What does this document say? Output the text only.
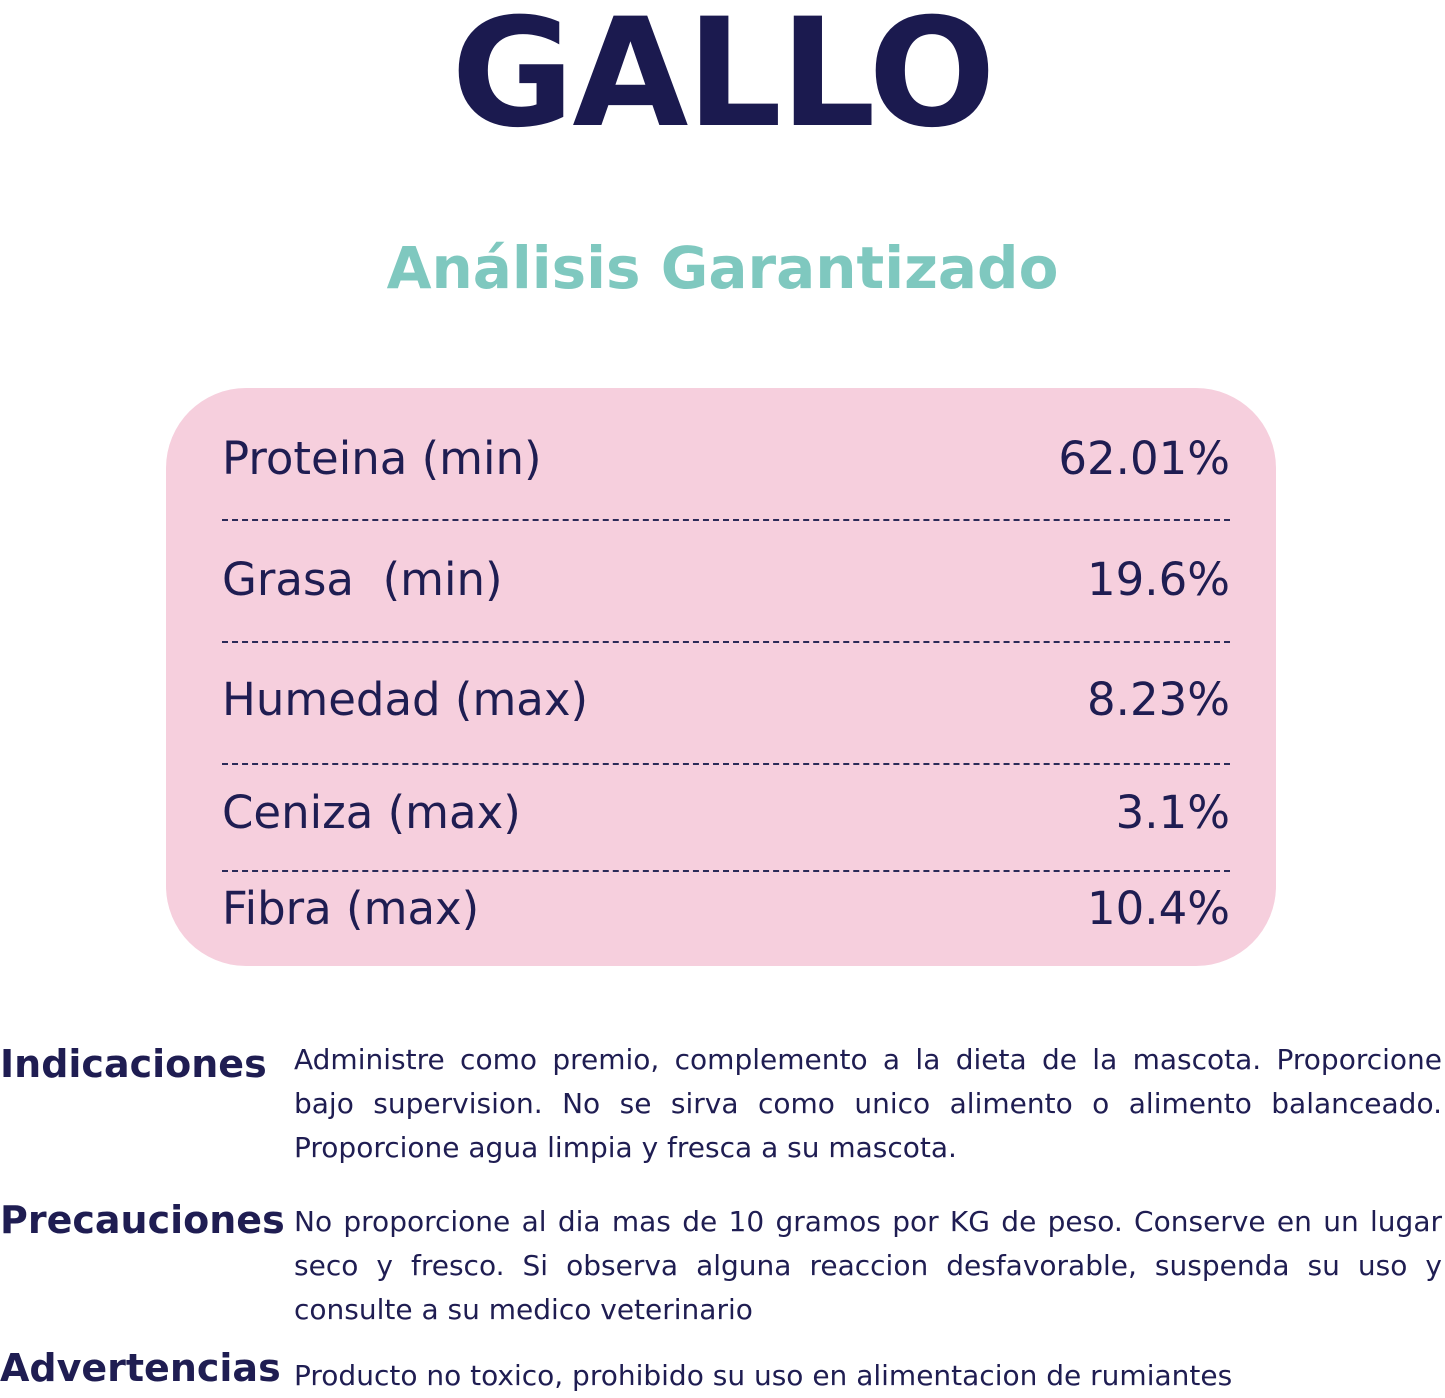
GALLO
Análisis Garantizado
Proteina (min)	62.01%
Grasa  (min)	19.6%
Humedad (max)	8.23%
Ceniza (max)	3.1%
Fibra (max)	10.4%
Indicaciones Administre como premio, complemento a la dieta de la mascota. Proporcione bajo supervision. No se sirva como unico alimento o alimento balanceado. Proporcione agua limpia y fresca a su mascota.
Precauciones No proporcione al dia mas de 10 gramos por KG de peso. Conserve en un lugar seco y fresco. Si observa alguna reaccion desfavorable, suspenda su uso y consulte a su medico veterinario
Advertencias Producto no toxico, prohibido su uso en alimentacion de rumiantes
